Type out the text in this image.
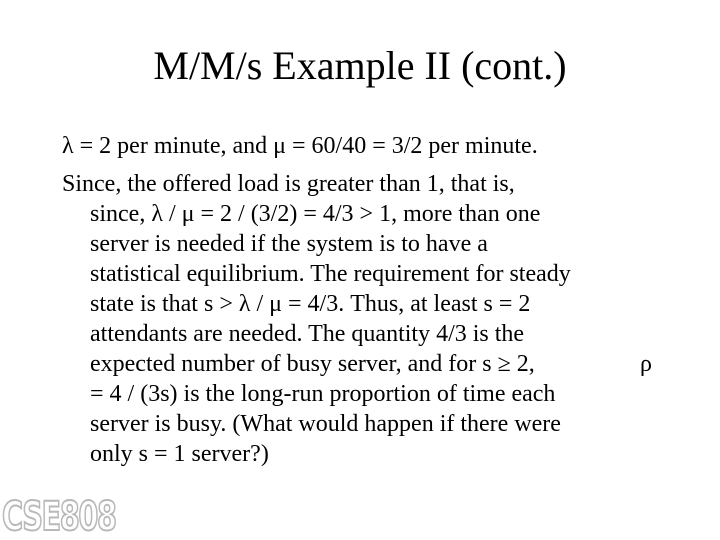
M/M/s Example II (cont.)
λ = 2 per minute, and μ = 60/40 = 3/2 per minute.
Since, the offered load is greater than 1, that is,
since, λ / μ = 2 / (3/2) = 4/3 > 1, more than one
server is needed if the system is to have a
statistical equilibrium. The requirement for steady
state is that s > λ / μ = 4/3. Thus, at least s = 2
attendants are needed. The quantity 4/3 is the
expected number of busy server, and for s ≥ 2,	ρ
= 4 / (3s) is the long-run proportion of time each
server is busy. (What would happen if there were
only s = 1 server?)
CSE808
